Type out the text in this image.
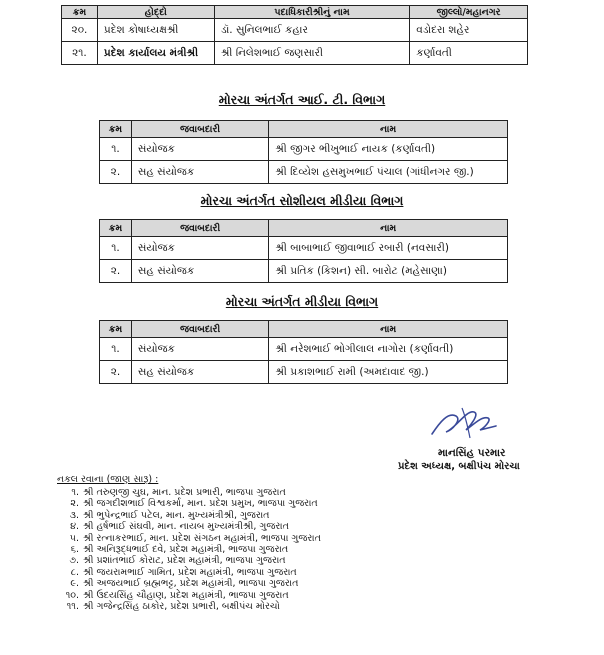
ક્રમ	હોદ્દો	પદાધિકારીશ્રીનું નામ	જીલ્લો/મહાનગર
૨૦.	પ્રદેશ કોષાધ્યક્ષશ્રી	ડૉ. સુનિલભાઈ કહાર	વડોદરા શહેર
૨૧.	પ્રદેશ કાર્યાલય મંત્રીશ્રી	શ્રી નિલેશભાઈ જણસારી	કર્ણાવતી
મોરચા અંતર્ગત આઈ. ટી. વિભાગ
ક્રમ	જવાબદારી	નામ
૧.	સંયોજક	શ્રી જીગર ભીખુભાઈ નાયક (કર્ણાવતી)
૨.	સહ સંયોજક	શ્રી દિવ્યેશ હસમુખભાઈ પંચાલ (ગાંધીનગર જી.)
મોરચા અંતર્ગત સોશીયલ મીડીયા વિભાગ
ક્રમ	જવાબદારી	નામ
૧.	સંયોજક	શ્રી બાબાભાઈ જીવાભાઈ રબારી (નવસારી)
૨.	સહ સંયોજક	શ્રી પ્રતિક (કિશન) સી. બારોટ (મહેસાણા)
મોરચા અંતર્ગત મીડીયા વિભાગ
ક્રમ	જવાબદારી	નામ
૧.	સંયોજક	શ્રી નરેશભાઈ ભોગીલાલ નાગોરા (કર્ણાવતી)
૨.	સહ સંયોજક	શ્રી પ્રકાશભાઈ રામી (અમદાવાદ જી.)
માનસિંહ પરમાર
પ્રદેશ અધ્યક્ષ, બક્ષીપંચ મોરચા
નકલ રવાના (જાણ સારૂ) :
૧. શ્રી તરુણજી ચુઘ, માન. પ્રદેશ પ્રભારી, ભાજપા ગુજરાત
૨. શ્રી જગદીશભાઈ વિશ્વકર્મા, માન. પ્રદેશ પ્રમુખ, ભાજપા ગુજરાત
૩. શ્રી ભુપેન્દ્રભાઈ પટેલ, માન. મુખ્યમંત્રીશ્રી, ગુજરાત
૪. શ્રી હર્ષભાઈ સંઘવી, માન. નાયબ મુખ્યમંત્રીશ્રી, ગુજરાત
૫. શ્રી રત્નાકરભાઈ, માન. પ્રદેશ સંગઠન મહામંત્રી, ભાજપા ગુજરાત
૬. શ્રી અનિરૂદ્ધભાઈ દવે, પ્રદેશ મહામંત્રી, ભાજપા ગુજરાત
૭. શ્રી પ્રશાંતભાઈ કોરાટ, પ્રદેશ મહામંત્રી, ભાજપા ગુજરાત
૮. શ્રી જયરામભાઈ ગામિત, પ્રદેશ મહામંત્રી, ભાજપા ગુજરાત
૯. શ્રી અજયભાઈ બ્રહ્મભટ્ટ, પ્રદેશ મહામંત્રી, ભાજપા ગુજરાત
૧૦. શ્રી ઉદયસિંહ ચૌહાણ, પ્રદેશ મહામંત્રી, ભાજપા ગુજરાત
૧૧. શ્રી ગજેન્દ્રસિંહ ઠાકોર, પ્રદેશ પ્રભારી, બક્ષીપંચ મોરચો
